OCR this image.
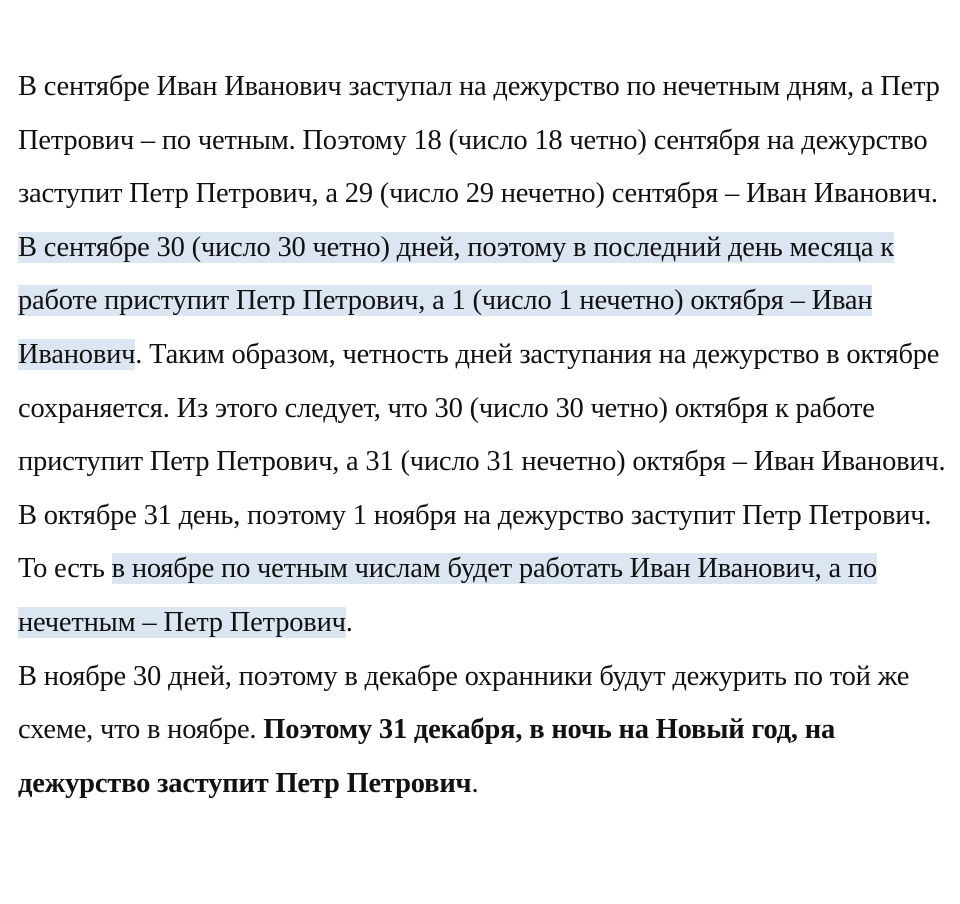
В сентябре Иван Иванович заступал на дежурство по нечетным дням, а Петр Петрович – по четным. Поэтому 18 (число 18 четно) сентября на дежурство заступит Петр Петрович, а 29 (число 29 нечетно) сентября – Иван Иванович.

В сентябре 30 (число 30 четно) дней, поэтому в последний день месяца к работе приступит Петр Петрович, а 1 (число 1 нечетно) октября – Иван Иванович. Таким образом, четность дней заступания на дежурство в октябре сохраняется. Из этого следует, что 30 (число 30 четно) октября к работе приступит Петр Петрович, а 31 (число 31 нечетно) октября – Иван Иванович.

В октябре 31 день, поэтому 1 ноября на дежурство заступит Петр Петрович. То есть в ноябре по четным числам будет работать Иван Иванович, а по нечетным – Петр Петрович.

В ноябре 30 дней, поэтому в декабре охранники будут дежурить по той же схеме, что в ноябре. Поэтому 31 декабря, в ночь на Новый год, на дежурство заступит Петр Петрович.
